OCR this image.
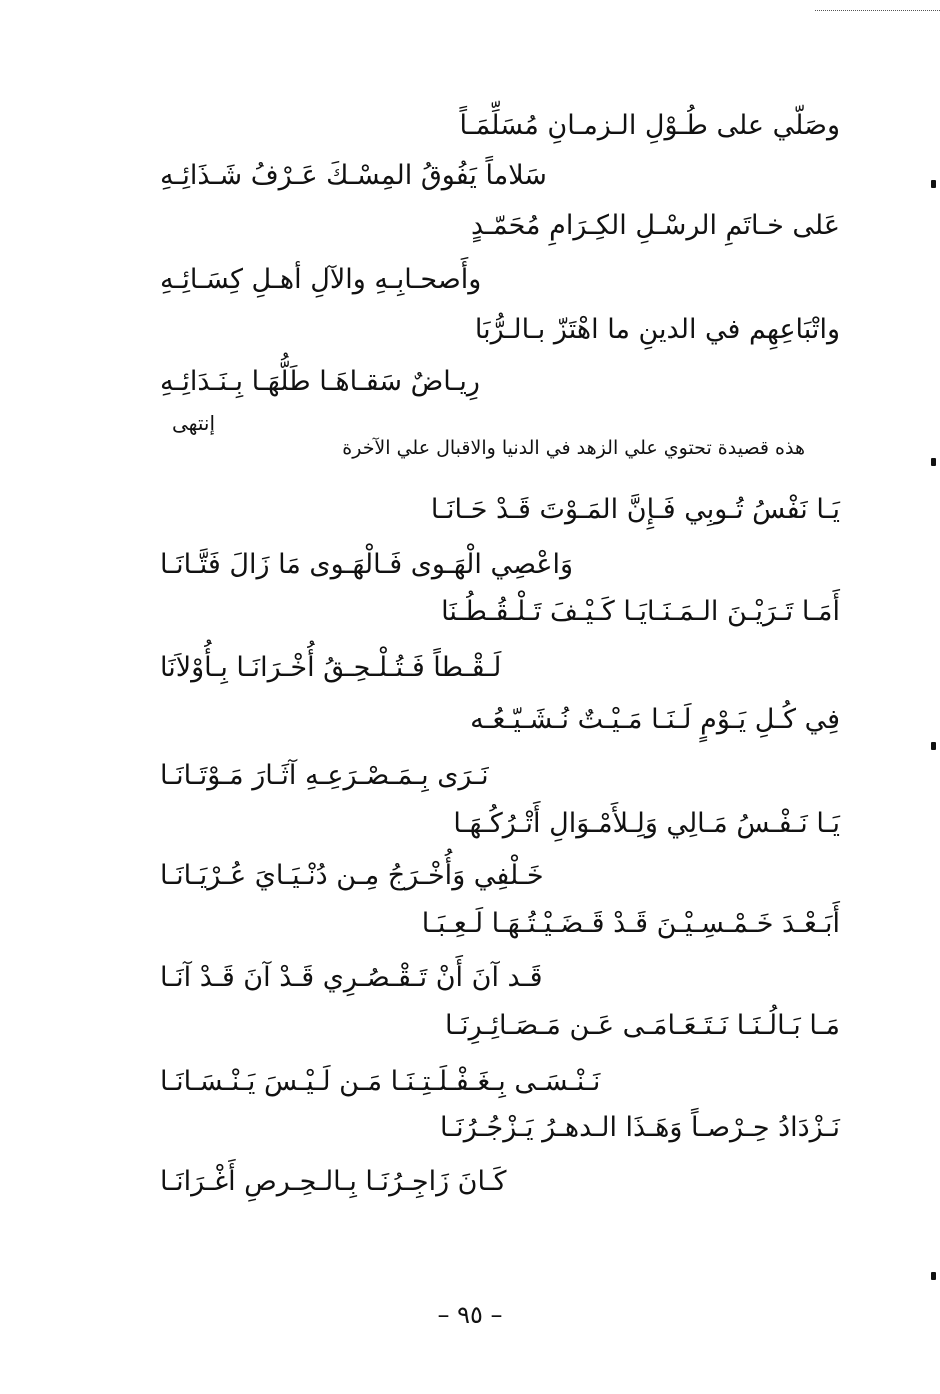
وصَلّي على طُـوْلِ الـزمـانِ مُسَلِّمَـاً
سَلاماً يَفُوقُ المِسْـكَ عَـرْفُ شَـذَائِـهِ
عَلى خـاتَمِ الرسْـلِ الكِـرَامِ مُحَمّـدٍ
وأَصحـابِـهِ والآلِ أهـلِ كِسَـائِـهِ
واتْبَاعِهِم في الدينِ ما اهْتَزّ بـالـرُّبَا
رِيـاضٌ سَقـاهَـا طَلُّهَـا بِـنَـدَائِـهِ
إنتهى
هذه قصيدة تحتوي علي الزهد في الدنيا والاقبال علي الآخرة
يَـا نَفْسُ تُـوبِي فَـإِنَّ المَـوْتَ قَـدْ حَـانَـا
وَاعْصِي الْهَـوى فَـالْهَـوى مَا زَالَ فَتَّـانَـا
أَمَـا تَـرَيْـنَ الـمَـنَـايَـا كَـيْـفَ تَـلْـقُـطُـنَا
لَـقْـطاً فَـتُـلْـحِـقُ أُخْـرَانَـا بِـأُوْلاَنَا
فِي كُـلِ يَـوْمٍ لَـنَـا مَـيْـتٌ نُـشَـيّـعُـه
نَـرَى بِـمَـصْـرَعِـهِ آثَـارَ مَـوْتَـانَـا
يَـا نَـفْـسُ مَـالِي وَلِـلأَمْـوَالِ أَتْـرُكُـهَـا
خَـلْفِي وَأُخْـرَجُ مِـن دُنْـيَـايَ عُـرْيَـانَـا
أَبَـعْـدَ خَـمْـسِـيْـنَ قَـدْ قَـضَـيْـتُـهَـا لَـعِـبَـا
قَـد آنَ أَنْ تَـقْـصُـرِي قَـدْ آنَ قَـدْ آنَـا
مَـا بَـالُـنَـا نَـتَـعَـامَـى عَـن مَـصَـائِـرِنَـا
نَـنْـسَـى بِـغَـفْـلَـتِـنَـا مَـن لَـيْـسَ يَـنْـسَـانَـا
نَـزْدَادُ حِـرْصـاً وَهَـذَا الـدهـرُ يَـزْجُـرُنَـا
كَـانَ زَاجِـرُنَـا بِـالـحِـرصِ أَغْـرَانَـا
– ٩٥ –
